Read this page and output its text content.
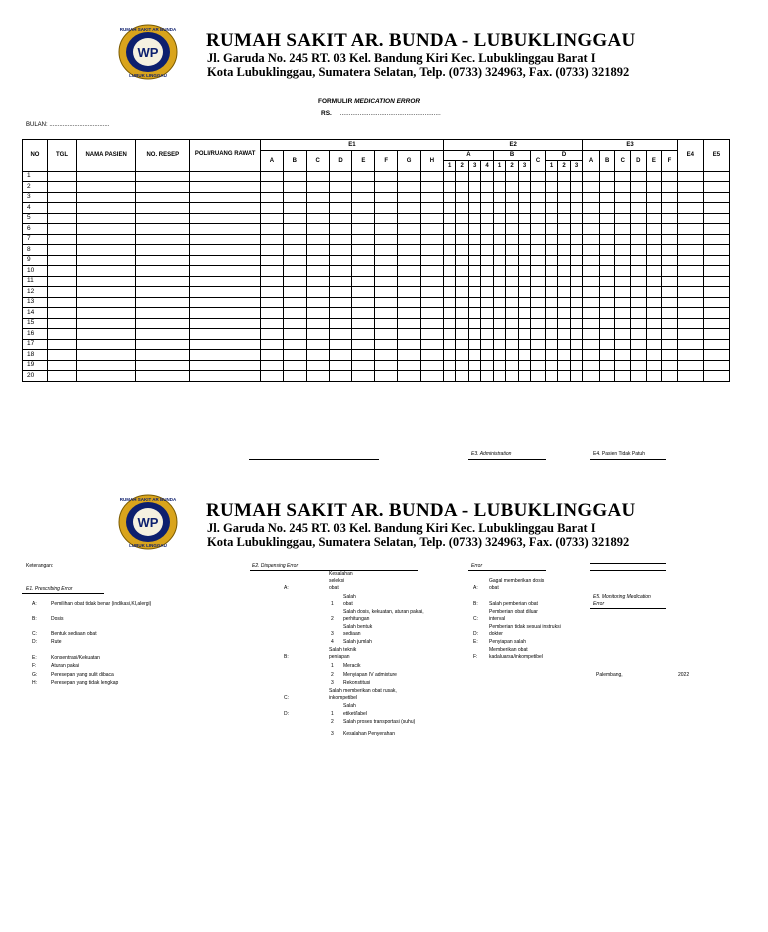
WP
RUMAH SAKIT AR BUNDA
LUBUK LINGGAU
RUMAH SAKIT AR. BUNDA - LUBUKLINGGAU
Jl. Garuda No. 245 RT. 03 Kel. Bandung Kiri Kec. Lubuklinggau Barat I
Kota Lubuklinggau, Sumatera Selatan, Telp. (0733) 324963, Fax. (0733) 321892
FORMULIR MEDICATION ERROR
RS. ........................................................
BULAN: ....................................
NO	TGL	NAMA PASIEN	NO. RESEP	POLI/RUANG RAWAT	E1								E2											E3						E4	E5
					A	B	C	D	E	F	G	H	A				B			C	D			A	B	C	D	E	F		
													1	2	3	4	1	2	3		1	2	3								
1																															
2																															
3																															
4																															
5																															
6																															
7																															
8																															
9																															
10																															
11																															
12																															
13																															
14																															
15																															
16																															
17																															
18																															
19																															
20																															
E3. Administration	E4. Pasien Tidak Patuh
WP
RUMAH SAKIT AR BUNDA
LUBUK LINGGAU
RUMAH SAKIT AR. BUNDA - LUBUKLINGGAU
Jl. Garuda No. 245 RT. 03 Kel. Bandung Kiri Kec. Lubuklinggau Barat I
Kota Lubuklinggau, Sumatera Selatan, Telp. (0733) 324963, Fax. (0733) 321892
Keterangan:
E1. Prescribing Error
A:	Pemilihan obat tidak benar (indikasi,KI,alergi)
B:	Dosis
C:	Bentuk sediaan obat
D:	Rute
E:	Konsentrasi/Kekuatan
F:	Aturan pakai
G:	Peresepan yang sulit dibaca
H:	Peresepan yang tidak lengkap
E2. Dispensing Error
Kesalahan
seleksi
A:	obat
Salah
1 obat
Salah dosis, kekuatan, aturan pakai,
2 perhitungan
Salah bentuk
3 sediaan
4 Salah jumlah
Salah teknik
B:	peniapan
1 Meracik
2 Menyiapan IV admixture
3 Rekonstitusi
Salah memberikan obat rusak,
C:	inkompetibel
Salah
D:	1 etiket/label
2 Salah proses transportasi (suhu)
3 Kesalahan Penyerahan
Error
Gagal memberikan dosis
A: obat
B: Salah pemberian obat
Pemberian obat diluar
C: interval
Pemberian tidak sesuai instruksi
D: dokter
E: Penyiapan salah
Memberikan obat
F: kadaluarsa/inkompetibel
E5. Monitoring Medication
Error
Palembang,	2022
